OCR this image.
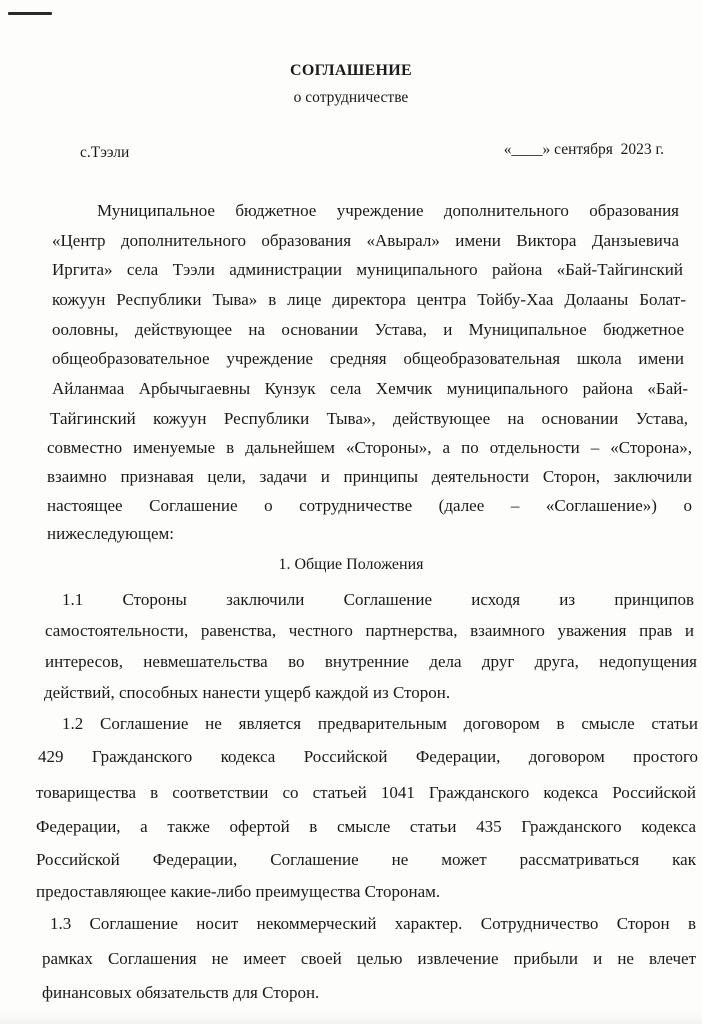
СОГЛАШЕНИЕ
о сотрудничестве
с.Тээли	«____» сентября  2023 г.
Муниципальное бюджетное учреждение дополнительного образования
«Центр дополнительного образования «Авырал» имени Виктора Данзыевича
Иргита» села Тээли администрации муниципального района «Бай-Тайгинский
кожуун Республики Тыва» в лице директора центра Тойбу-Хаа Долааны Болат-
ооловны, действующее на основании Устава, и Муниципальное бюджетное
общеобразовательное учреждение средняя общеобразовательная школа имени
Айланмаа Арбычыгаевны Кунзук села Хемчик муниципального района «Бай-
Тайгинский кожуун Республики Тыва», действующее на основании Устава,
совместно именуемые в дальнейшем «Стороны», а по отдельности – «Сторона»,
взаимно признавая цели, задачи и принципы деятельности Сторон, заключили
настоящее Соглашение о сотрудничестве (далее – «Соглашение») о
нижеследующем:
1. Общие Положения
1.1 Стороны заключили Соглашение исходя из принципов
самостоятельности, равенства, честного партнерства, взаимного уважения прав и
интересов, невмешательства во внутренние дела друг друга, недопущения
действий, способных нанести ущерб каждой из Сторон.
1.2 Соглашение не является предварительным договором в смысле статьи
429 Гражданского кодекса Российской Федерации, договором простого
товарищества в соответствии со статьей 1041 Гражданского кодекса Российской
Федерации, а также офертой в смысле статьи 435 Гражданского кодекса
Российской Федерации, Соглашение не может рассматриваться как
предоставляющее какие-либо преимущества Сторонам.
1.3 Соглашение носит некоммерческий характер. Сотрудничество Сторон в
рамках Соглашения не имеет своей целью извлечение прибыли и не влечет
финансовых обязательств для Сторон.
